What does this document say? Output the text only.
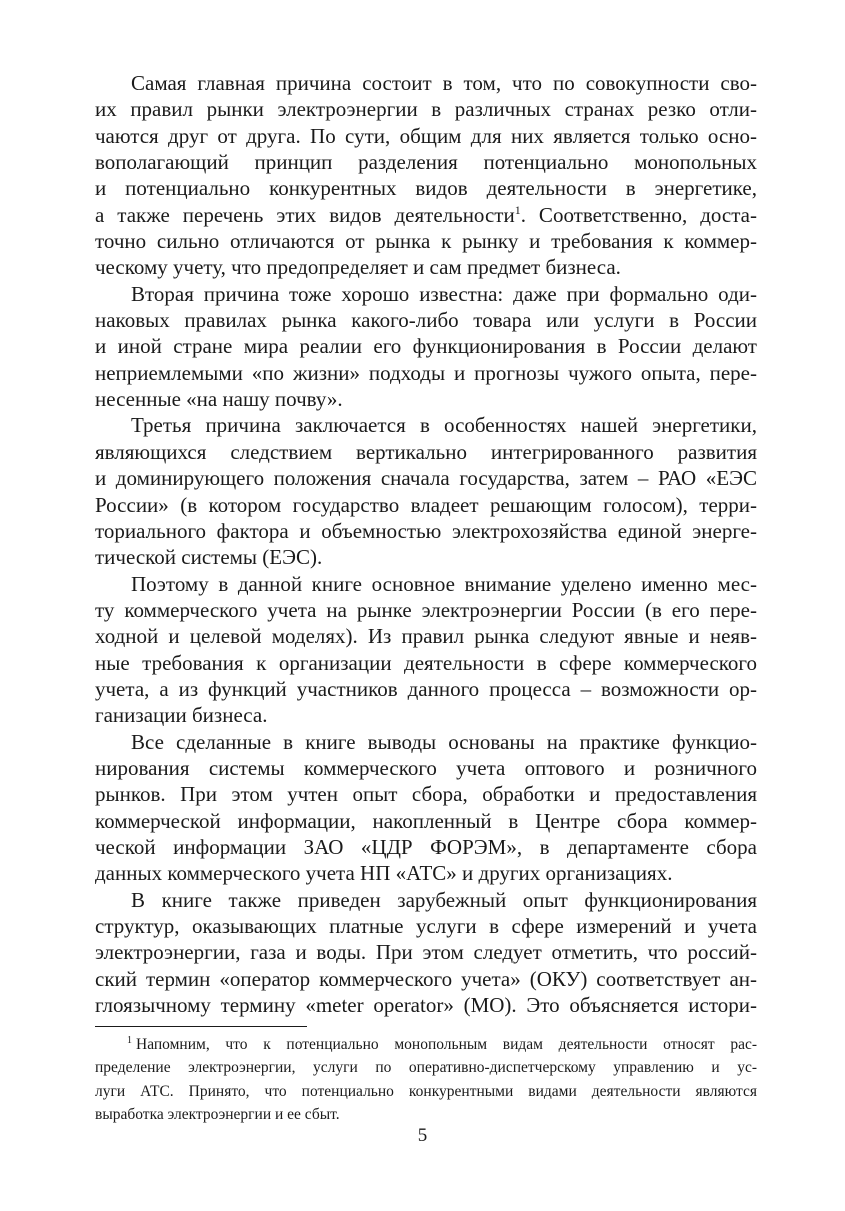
Самая главная причина состоит в том, что по совокупности сво-
их правил рынки электроэнергии в различных странах резко отли-
чаются друг от друга. По сути, общим для них является только осно-
вополагающий принцип разделения потенциально монопольных
и потенциально конкурентных видов деятельности в энергетике,
а также перечень этих видов деятельности$^1$. Соответственно, доста-
точно сильно отличаются от рынка к рынку и требования к коммер-
ческому учету, что предопределяет и сам предмет бизнеса.
Вторая причина тоже хорошо известна: даже при формально оди-
наковых правилах рынка какого-либо товара или услуги в России
и иной стране мира реалии его функционирования в России делают
неприемлемыми «по жизни» подходы и прогнозы чужого опыта, пере-
несенные «на нашу почву».
Третья причина заключается в особенностях нашей энергетики,
являющихся следствием вертикально интегрированного развития
и доминирующего положения сначала государства, затем – РАО «ЕЭС
России» (в котором государство владеет решающим голосом), терри-
ториального фактора и объемностью электрохозяйства единой энерге-
тической системы (ЕЭС).
Поэтому в данной книге основное внимание уделено именно мес-
ту коммерческого учета на рынке электроэнергии России (в его пере-
ходной и целевой моделях). Из правил рынка следуют явные и неяв-
ные требования к организации деятельности в сфере коммерческого
учета, а из функций участников данного процесса – возможности ор-
ганизации бизнеса.
Все сделанные в книге выводы основаны на практике функцио-
нирования системы коммерческого учета оптового и розничного
рынков. При этом учтен опыт сбора, обработки и предоставления
коммерческой информации, накопленный в Центре сбора коммер-
ческой информации ЗАО «ЦДР ФОРЭМ», в департаменте сбора
данных коммерческого учета НП «АТС» и других организациях.
В книге также приведен зарубежный опыт функционирования
структур, оказывающих платные услуги в сфере измерений и учета
электроэнергии, газа и воды. При этом следует отметить, что россий-
ский термин «оператор коммерческого учета» (ОКУ) соответствует ан-
глоязычному термину «meter operator» (МО). Это объясняется истори-
$^1$ Напомним, что к потенциально монопольным видам деятельности относят рас-
пределение электроэнергии, услуги по оперативно-диспетчерскому управлению и ус-
луги АТС. Принято, что потенциально конкурентными видами деятельности являются
выработка электроэнергии и ее сбыт.
5
